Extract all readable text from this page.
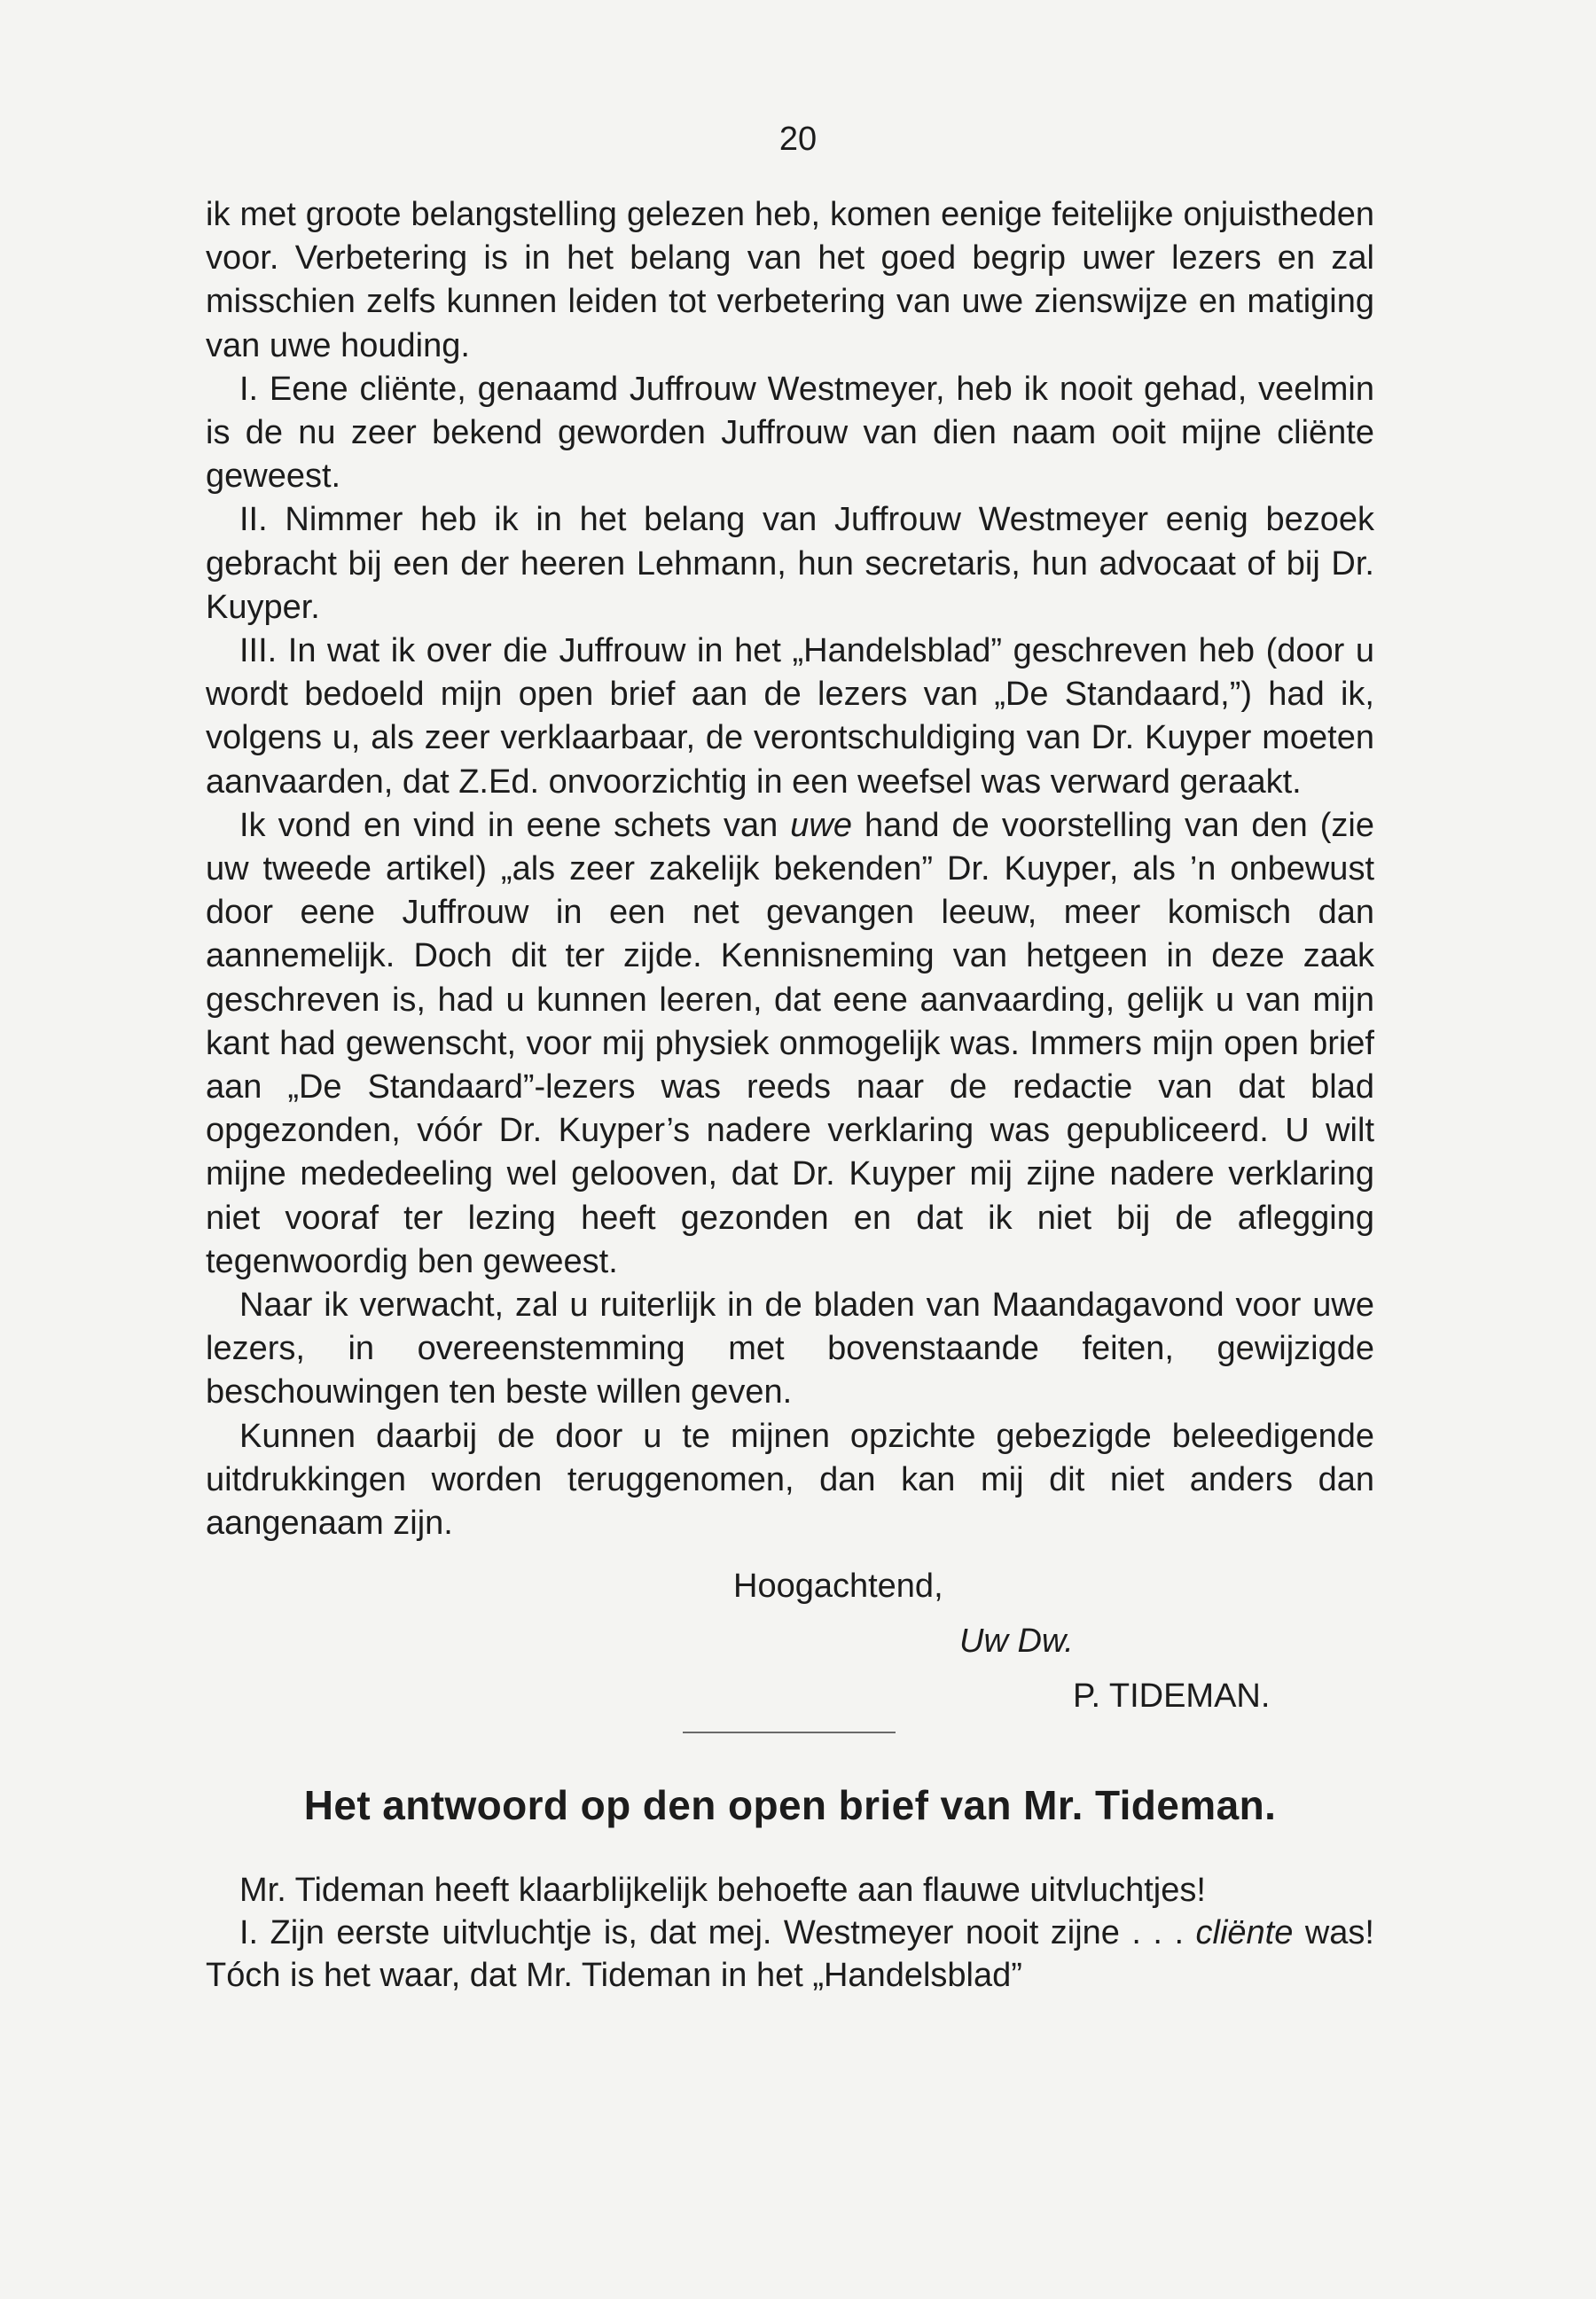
20

ik met groote belangstelling gelezen heb, komen eenige feitelijke onjuistheden voor. Verbetering is in het belang van het goed begrip uwer lezers en zal misschien zelfs kunnen leiden tot verbetering van uwe zienswijze en matiging van uwe houding.

I. Eene cliënte, genaamd Juffrouw Westmeyer, heb ik nooit gehad, veelmin is de nu zeer bekend geworden Juffrouw van dien naam ooit mijne cliënte geweest.

II. Nimmer heb ik in het belang van Juffrouw Westmeyer eenig bezoek gebracht bij een der heeren Lehmann, hun secretaris, hun advocaat of bij Dr. Kuyper.

III. In wat ik over die Juffrouw in het „Handelsblad” geschreven heb (door u wordt bedoeld mijn open brief aan de lezers van „De Standaard,”) had ik, volgens u, als zeer verklaarbaar, de verontschuldiging van Dr. Kuyper moeten aanvaarden, dat Z.Ed. onvoorzichtig in een weefsel was verward geraakt.

Ik vond en vind in eene schets van uwe hand de voorstelling van den (zie uw tweede artikel) „als zeer zakelijk bekenden” Dr. Kuyper, als ’n onbewust door eene Juffrouw in een net gevangen leeuw, meer komisch dan aannemelijk. Doch dit ter zijde. Kennisneming van hetgeen in deze zaak geschreven is, had u kunnen leeren, dat eene aanvaarding, gelijk u van mijn kant had gewenscht, voor mij physiek onmogelijk was. Immers mijn open brief aan „De Standaard”-lezers was reeds naar de redactie van dat blad opgezonden, vóór Dr. Kuyper’s nadere verklaring was gepubliceerd. U wilt mijne mededeeling wel gelooven, dat Dr. Kuyper mij zijne nadere verklaring niet vooraf ter lezing heeft gezonden en dat ik niet bij de aflegging tegenwoordig ben geweest.

Naar ik verwacht, zal u ruiterlijk in de bladen van Maandagavond voor uwe lezers, in overeenstemming met bovenstaande feiten, gewijzigde beschouwingen ten beste willen geven.

Kunnen daarbij de door u te mijnen opzichte gebezigde beleedigende uitdrukkingen worden teruggenomen, dan kan mij dit niet anders dan aangenaam zijn.

Hoogachtend,
Uw Dw.
P. TIDEMAN.
Het antwoord op den open brief van Mr. Tideman.

Mr. Tideman heeft klaarblijkelijk behoefte aan flauwe uitvluchtjes!

I. Zijn eerste uitvluchtje is, dat mej. Westmeyer nooit zijne . . . cliënte was! Tóch is het waar, dat Mr. Tideman in het „Handelsblad”
